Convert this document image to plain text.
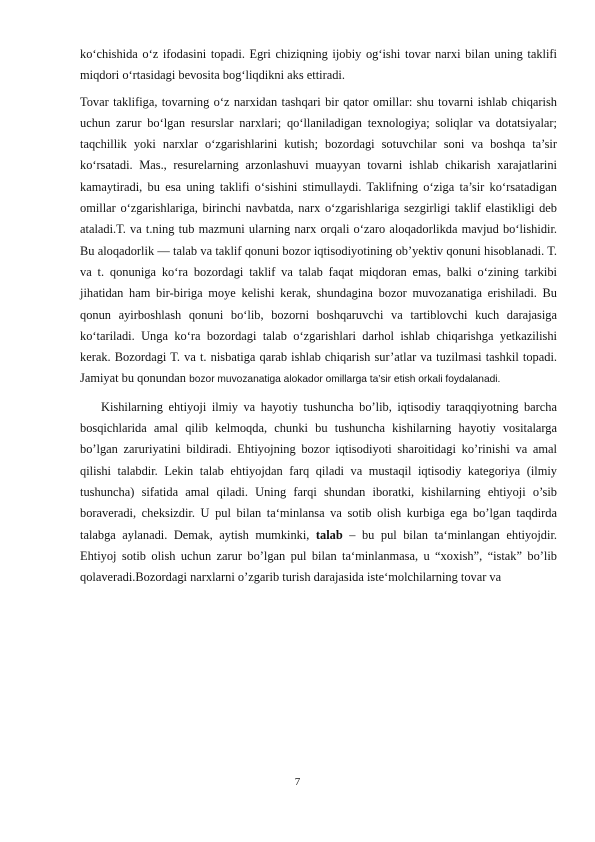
ko‘chishida o‘z ifodasini topadi. Egri chiziqning ijobiy og‘ishi tovar narxi bilan uning taklifi miqdori o‘rtasidagi bevosita bog‘liqdikni aks ettiradi.

Tovar taklifiga, tovarning o‘z narxidan tashqari bir qator omillar: shu tovarni ishlab chiqarish uchun zarur bo‘lgan resurslar narxlari; qo‘llaniladigan texnologiya; soliqlar va dotatsiyalar; taqchillik yoki narxlar o‘zgarishlarini kutish; bozordagi sotuvchilar soni va boshqa ta’sir ko‘rsatadi. Mas., resurelarning arzonlashuvi muayyan tovarni ishlab chikarish xarajatlarini kamaytiradi, bu esa uning taklifi o‘sishini stimullaydi. Taklifning o‘ziga ta’sir ko‘rsatadigan omillar o‘zgarishlariga, birinchi navbatda, narx o‘zgarishlariga sezgirligi taklif elastikligi deb ataladi.T. va t.ning tub mazmuni ularning narx orqali o‘zaro aloqadorlikda mavjud bo‘lishidir. Bu aloqadorlik — talab va taklif qonuni bozor iqtisodiyotining ob’yektiv qonuni hisoblanadi. T. va t. qonuniga ko‘ra bozordagi taklif va talab faqat miqdoran emas, balki o‘zining tarkibi jihatidan ham bir-biriga moye kelishi kerak, shundagina bozor muvozanatiga erishiladi. Bu qonun ayirboshlash qonuni bo‘lib, bozorni boshqaruvchi va tartiblovchi kuch darajasiga ko‘tariladi. Unga ko‘ra bozordagi talab o‘zgarishlari darhol ishlab chiqarishga yetkazilishi kerak. Bozordagi T. va t. nisbatiga qarab ishlab chiqarish sur’atlar va tuzilmasi tashkil topadi. Jamiyat bu qonundan bozor muvozanatiga alokador omillarga ta’sir etish orkali foydalanadi.

Kishilarning ehtiyoji ilmiy va hayotiy tushuncha bo’lib, iqtisodiy taraqqiyotning barcha bosqichlarida amal qilib kelmoqda, chunki bu tushuncha kishilarning hayotiy vositalarga bo’lgan zaruriyatini bildiradi. Ehtiyojning bozor iqtisodiyoti sharoitidagi ko’rinishi va amal qilishi talabdir. Lekin talab ehtiyojdan farq qiladi va mustaqil iqtisodiy kategoriya (ilmiy tushuncha) sifatida amal qiladi. Uning farqi shundan iboratki, kishilarning ehtiyoji o’sib boraveradi, cheksizdir. U pul bilan ta‘minlansa va sotib olish kurbiga ega bo’lgan taqdirda talabga aylanadi. Demak, aytish mumkinki, talab – bu pul bilan ta‘minlangan ehtiyojdir. Ehtiyoj sotib olish uchun zarur bo’lgan pul bilan ta‘minlanmasa, u “xoxish”, “istak” bo’lib qolaveradi.Bozordagi narxlarni o’zgarib turish darajasida iste‘molchilarning tovar va

7
